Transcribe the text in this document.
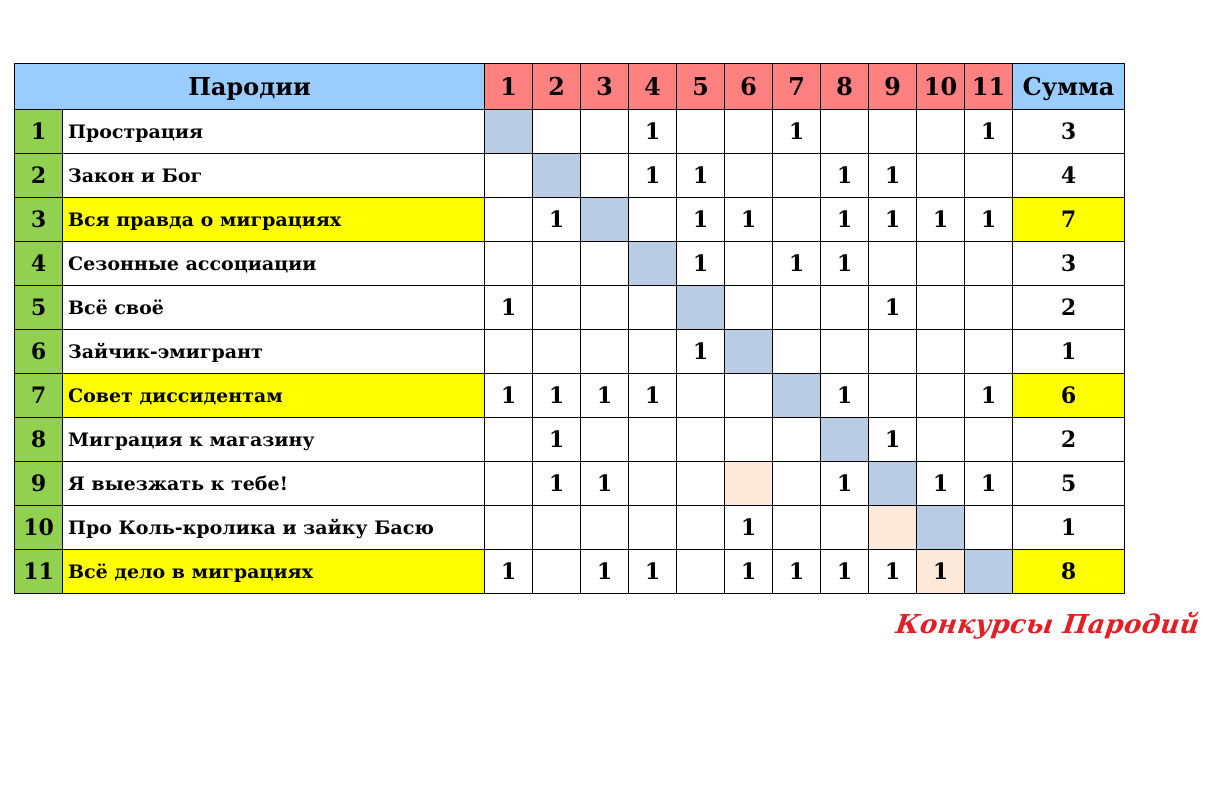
Пародии		1	2	3	4	5	6	7	8	9	10	11	Сумма
1	Прострация				1			1				1	3
2	Закон и Бог				1	1			1	1			4
3	Вся правда о миграциях		1			1	1		1	1	1	1	7
4	Сезонные ассоциации					1		1	1				3
5	Всё своё	1								1			2
6	Зайчик-эмигрант					1							1
7	Совет диссидентам	1	1	1	1				1			1	6
8	Миграция к магазину		1							1			2
9	Я выезжать к тебе!		1	1					1		1	1	5
10	Про Коль-кролика и зайку Басю						1						1
11	Всё дело в миграциях	1		1	1		1	1	1	1	1		8
Конкурсы Пародий
